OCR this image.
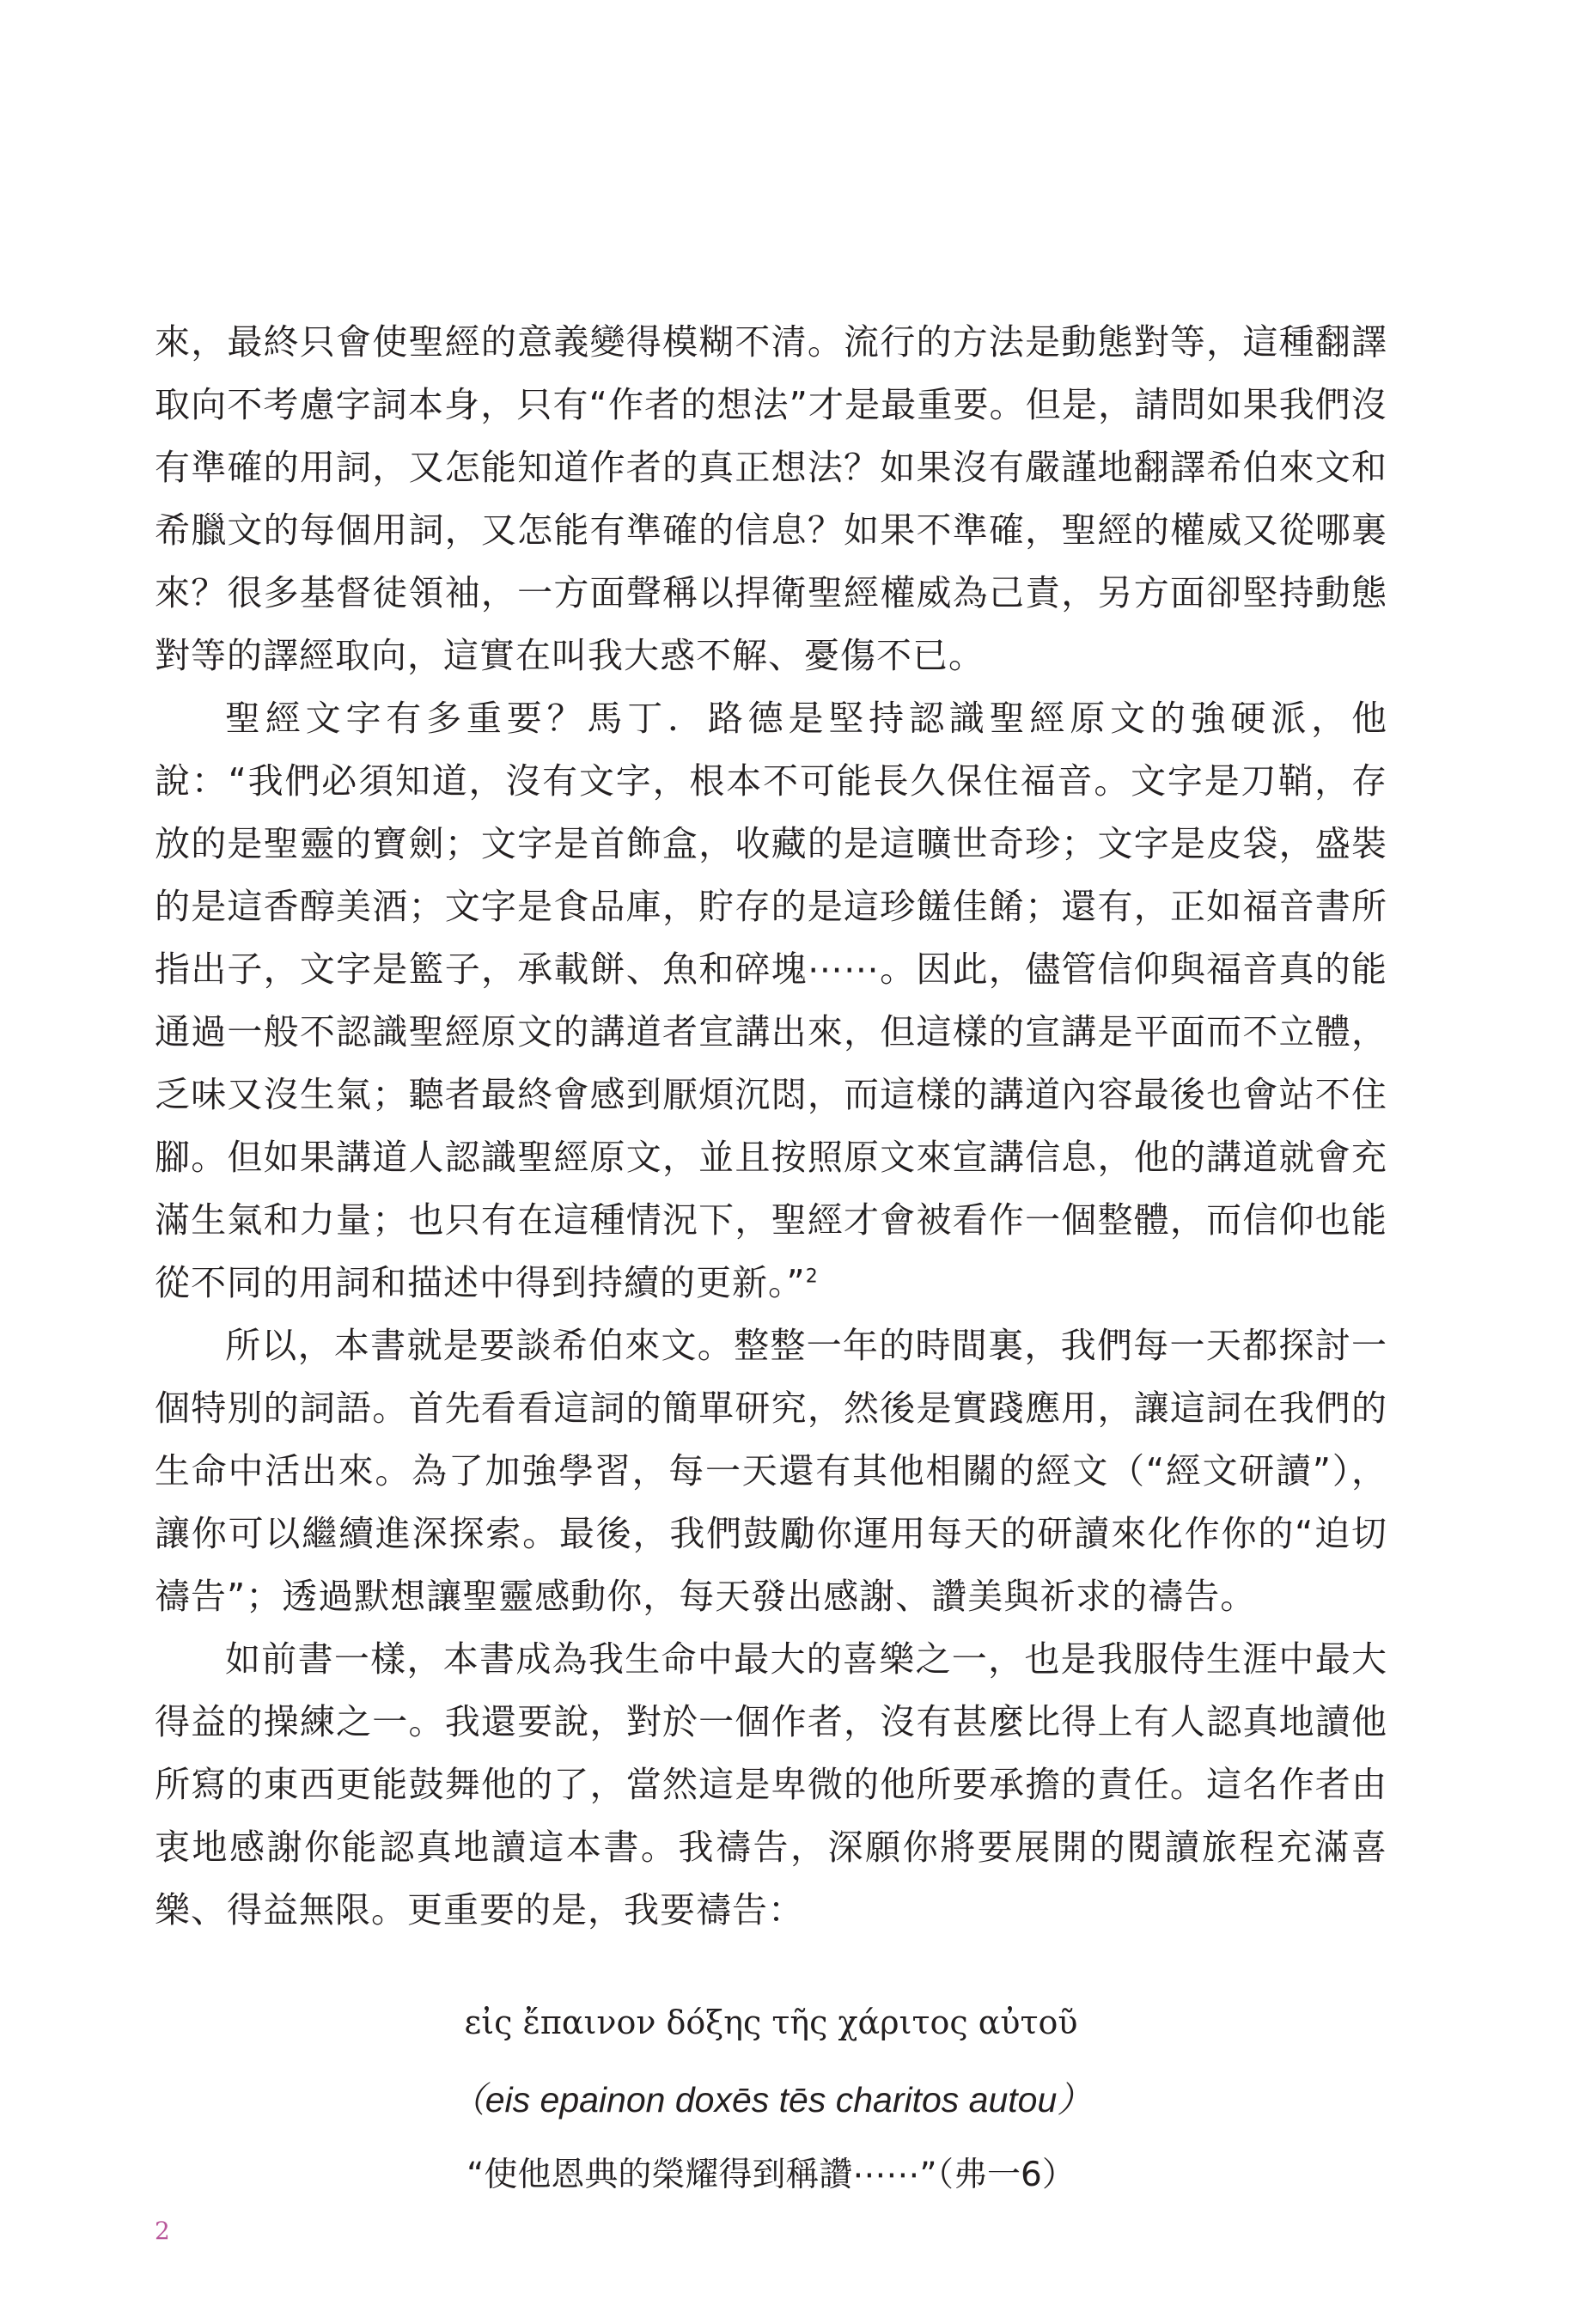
來，最終只會使聖經的意義變得模糊不清。流行的方法是動態對等，這種翻譯取向不考慮字詞本身，只有“作者的想法”才是最重要。但是，請問如果我們沒有準確的用詞，又怎能知道作者的真正想法？如果沒有嚴謹地翻譯希伯來文和希臘文的每個用詞，又怎能有準確的信息？如果不準確，聖經的權威又從哪裏來？很多基督徒領袖，一方面聲稱以捍衛聖經權威為己責，另方面卻堅持動態對等的譯經取向，這實在叫我大惑不解、憂傷不已。

聖經文字有多重要？馬丁．路德是堅持認識聖經原文的強硬派，他說：“我們必須知道，沒有文字，根本不可能長久保住福音。文字是刀鞘，存放的是聖靈的寶劍；文字是首飾盒，收藏的是這曠世奇珍；文字是皮袋，盛裝的是這香醇美酒；文字是食品庫，貯存的是這珍饈佳餚；還有，正如福音書所指出子，文字是籃子，承載餅、魚和碎塊⋯⋯。因此，儘管信仰與福音真的能通過一般不認識聖經原文的講道者宣講出來，但這樣的宣講是平面而不立體，乏味又沒生氣；聽者最終會感到厭煩沉悶，而這樣的講道內容最後也會站不住腳。但如果講道人認識聖經原文，並且按照原文來宣講信息，他的講道就會充滿生氣和力量；也只有在這種情況下，聖經才會被看作一個整體，而信仰也能從不同的用詞和描述中得到持續的更新。”$^2$

所以，本書就是要談希伯來文。整整一年的時間裏，我們每一天都探討一個特別的詞語。首先看看這詞的簡單研究，然後是實踐應用，讓這詞在我們的生命中活出來。為了加強學習，每一天還有其他相關的經文（“經文研讀”），讓你可以繼續進深探索。最後，我們鼓勵你運用每天的研讀來化作你的“迫切禱告”；透過默想讓聖靈感動你，每天發出感謝、讚美與祈求的禱告。

如前書一樣，本書成為我生命中最大的喜樂之一，也是我服侍生涯中最大得益的操練之一。我還要說，對於一個作者，沒有甚麼比得上有人認真地讀他所寫的東西更能鼓舞他的了，當然這是卑微的他所要承擔的責任。這名作者由衷地感謝你能認真地讀這本書。我禱告，深願你將要展開的閱讀旅程充滿喜樂、得益無限。更重要的是，我要禱告：

εἰς ἔπαινον δόξης τῆς χάριτος αὐτοῦ

（eis epainon doxēs tēs charitos autou）

“使他恩典的榮耀得到稱讚⋯⋯”（弗一6）

2
